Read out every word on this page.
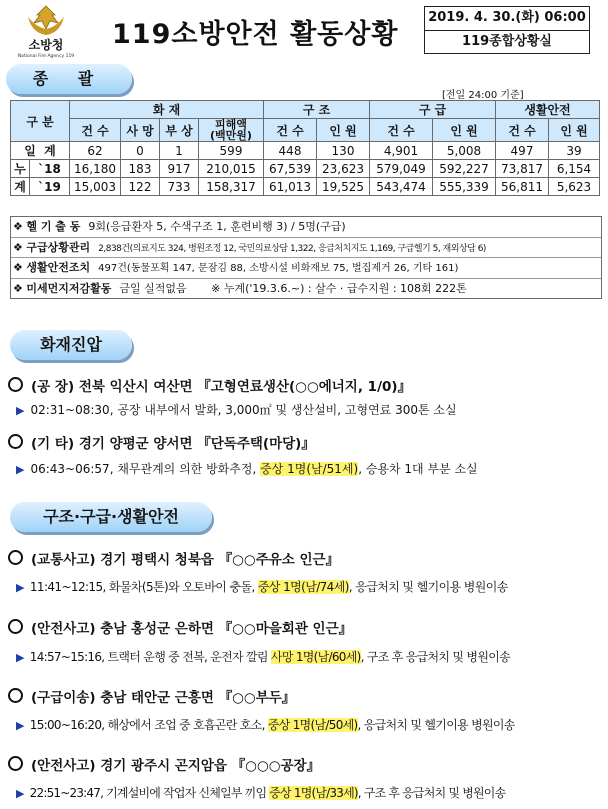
소방청
National Fire Agency 119
119소방안전 활동상황
2019. 4. 30.(화) 06:00
119종합상황실
종 괄
[전일 24:00 기준]
구 분		화 재				구 조		구 급		생활안전	
		건 수	사 망	부 상	피해액
(백만원)	건 수	인 원	건 수	인 원	건 수	인 원
일 계		62	0	1	599	448	130	4,901	5,008	497	39
누	`18	16,180	183	917	210,015	67,539	23,623	579,049	592,227	73,817	6,154
계	`19	15,003	122	733	158,317	61,013	19,525	543,474	555,339	56,811	5,623
❖ 헬 기 출 동 9회(응급환자 5, 수색구조 1, 훈련비행 3) / 5명(구급)
❖ 구급상황관리 2,838건(의료지도 324, 병원조정 12, 국민의료상담 1,322, 응급처치지도 1,169, 구급헬기 5, 재외상담 6)
❖ 생활안전조치 497건(동물포획 147, 문잠김 88, 소방시설 비화재보 75, 벌집제거 26, 기타 161)
❖ 미세먼지저감활동 금일 실적없음       ※ 누계('19.3.6.~) : 살수 · 급수지원 : 108회 222톤
화재진압
(공 장) 전북 익산시 여산면 『고형연료생산(○○에너지, 1/0)』
▶ 02:31~08:30, 공장 내부에서 발화, 3,000㎡ 및 생산설비, 고형연료 300톤 소실
(기 타) 경기 양평군 양서면 『단독주택(마당)』
▶ 06:43~06:57, 채무관계의 의한 방화추정, 중상 1명(남/51세), 승용차 1대 부분 소실
구조·구급·생활안전
(교통사고) 경기 평택시 청북읍 『○○주유소 인근』
▶ 11:41~12:15, 화물차(5톤)와 오토바이 충돌, 중상 1명(남/74세), 응급처치 및 헬기이용 병원이송
(안전사고) 충남 홍성군 은하면 『○○마을회관 인근』
▶ 14:57~15:16, 트랙터 운행 중 전복, 운전자 깔림 사망 1명(남/60세), 구조 후 응급처치 및 병원이송
(구급이송) 충남 태안군 근흥면 『○○부두』
▶ 15:00~16:20, 해상에서 조업 중 호흡곤란 호소, 중상 1명(남/50세), 응급처치 및 헬기이용 병원이송
(안전사고) 경기 광주시 곤지암읍 『○○○공장』
▶ 22:51~23:47, 기계설비에 작업자 신체일부 끼임 중상 1명(남/33세), 구조 후 응급처치 및 병원이송
